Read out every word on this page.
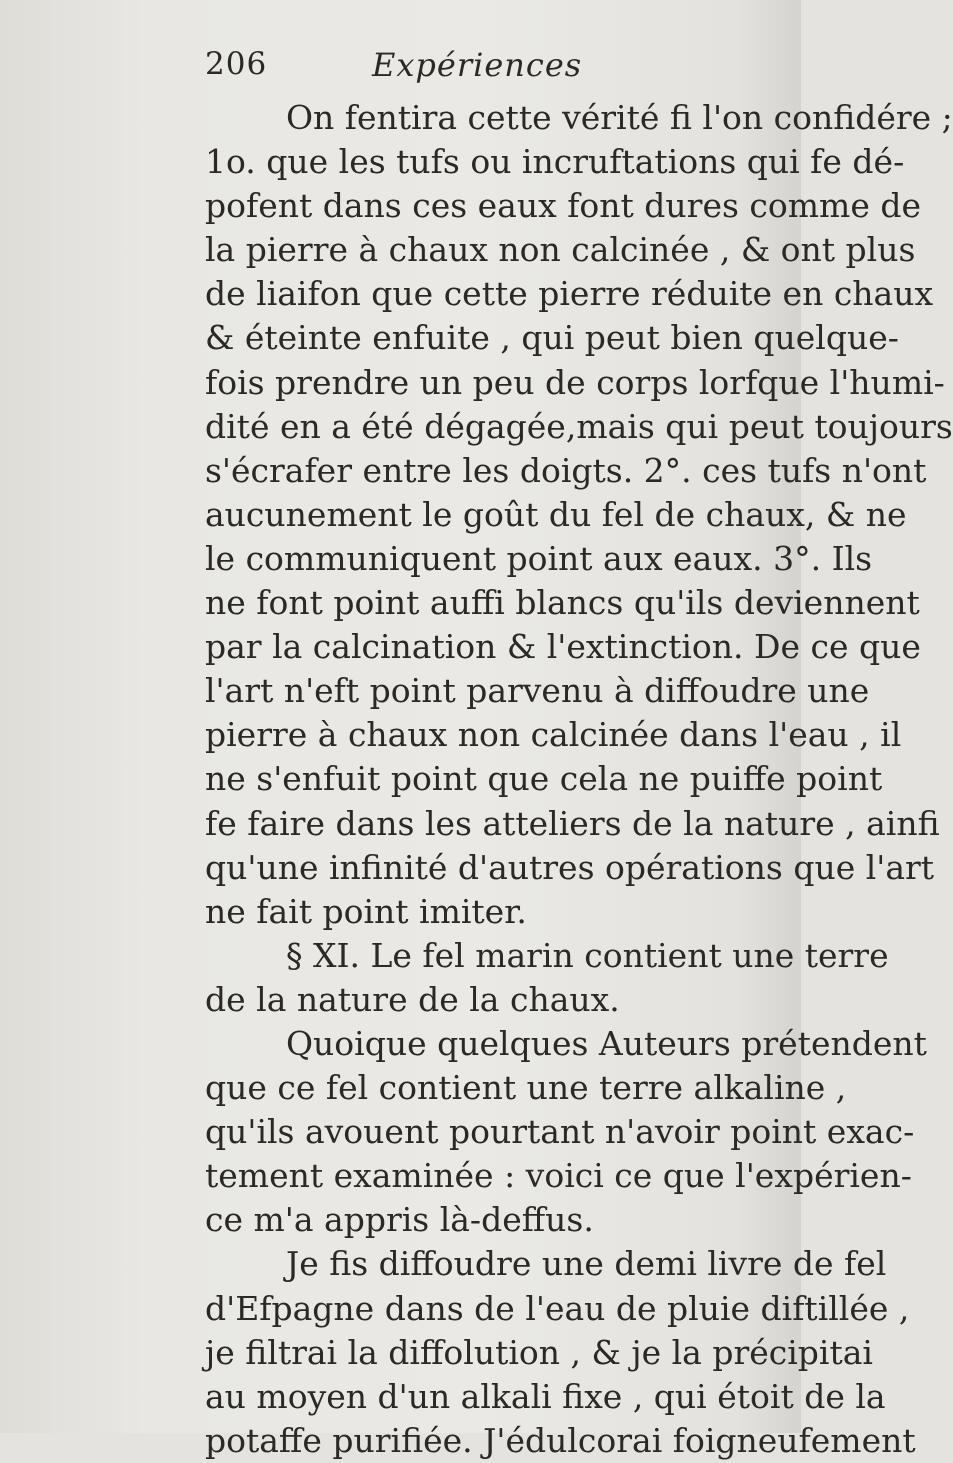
206	Expériences
On fentira cette vérité fi l'on confidére ;
1o. que les tufs ou incruftations qui fe dé-
pofent dans ces eaux font dures comme de
la pierre à chaux non calcinée , & ont plus
de liaifon que cette pierre réduite en chaux
& éteinte enfuite , qui peut bien quelque-
fois prendre un peu de corps lorfque l'humi-
dité en a été dégagée,mais qui peut toujours
s'écrafer entre les doigts. 2°. ces tufs n'ont
aucunement le goût du fel de chaux, & ne
le communiquent point aux eaux. 3°. Ils
ne font point auffi blancs qu'ils deviennent
par la calcination & l'extinction. De ce que
l'art n'eft point parvenu à diffoudre une
pierre à chaux non calcinée dans l'eau , il
ne s'enfuit point que cela ne puiffe point
fe faire dans les atteliers de la nature , ainfi
qu'une infinité d'autres opérations que l'art
ne fait point imiter.
§ XI. Le fel marin contient une terre
de la nature de la chaux.
Quoique quelques Auteurs prétendent
que ce fel contient une terre alkaline ,
qu'ils avouent pourtant n'avoir point exac-
tement examinée : voici ce que l'expérien-
ce m'a appris là-deffus.
Je fis diffoudre une demi livre de fel
d'Efpagne dans de l'eau de pluie diftillée ,
je filtrai la diffolution , & je la précipitai
au moyen d'un alkali fixe , qui étoit de la
potaffe purifiée. J'édulcorai foigneufement
